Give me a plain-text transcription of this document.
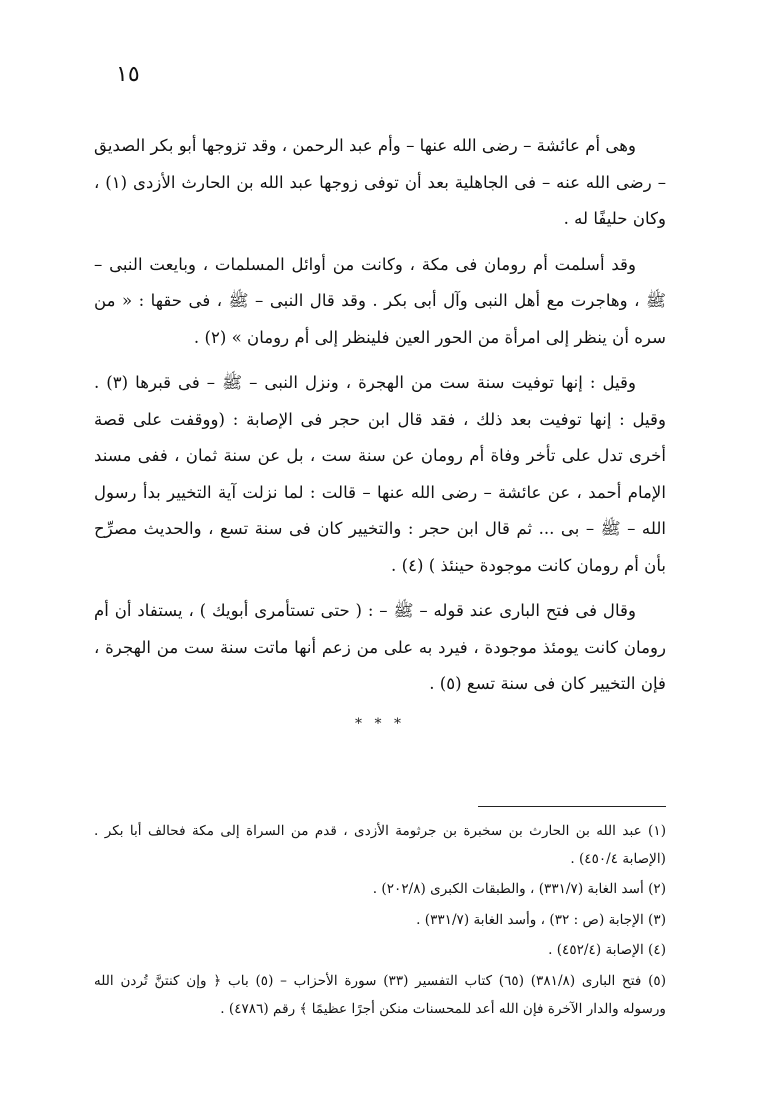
١٥

وهى أم عائشة – رضى الله عنها – وأم عبد الرحمن ، وقد تزوجها أبو بكر الصديق – رضى الله عنه – فى الجاهلية بعد أن توفى زوجها عبد الله بن الحارث الأزدى (١) ، وكان حليفًا له .

وقد أسلمت أم رومان فى مكة ، وكانت من أوائل المسلمات ، وبايعت النبى – ﷺ ، وهاجرت مع أهل النبى وآل أبى بكر . وقد قال النبى – ﷺ ، فى حقها : « من سره أن ينظر إلى امرأة من الحور العين فلينظر إلى أم رومان » (٢) .

وقيل : إنها توفيت سنة ست من الهجرة ، ونزل النبى – ﷺ – فى قبرها (٣) . وقيل : إنها توفيت بعد ذلك ، فقد قال ابن حجر فى الإصابة : (ووقفت على قصة أخرى تدل على تأخر وفاة أم رومان عن سنة ست ، بل عن سنة ثمان ، ففى مسند الإمام أحمد ، عن عائشة – رضى الله عنها – قالت : لما نزلت آية التخيير بدأ رسول الله – ﷺ – بى ... ثم قال ابن حجر : والتخيير كان فى سنة تسع ، والحديث مصرِّح بأن أم رومان كانت موجودة حينئذ ) (٤) .

وقال فى فتح البارى عند قوله – ﷺ – : ( حتى تستأمرى أبويك ) ، يستفاد أن أم رومان كانت يومئذ موجودة ، فيرد به على من زعم أنها ماتت سنة ست من الهجرة ، فإن التخيير كان فى سنة تسع (٥) .

* * *
(١) عبد الله بن الحارث بن سخبرة بن جرثومة الأزدى ، قدم من السراة إلى مكة فحالف أبا بكر . (الإصابة ٤٥٠/٤) .
(٢) أسد الغابة (٣٣١/٧) ، والطبقات الكبرى (٢٠٢/٨) .
(٣) الإجابة (ص : ٣٢) ، وأسد الغابة (٣٣١/٧) .
(٤) الإصابة (٤٥٢/٤) .
(٥) فتح البارى (٣٨١/٨) (٦٥) كتاب التفسير (٣٣) سورة الأحزاب – (٥) باب ﴿ وإن كنتنَّ تُردن الله ورسوله والدار الآخرة فإن الله أعد للمحسنات منكن أجرًا عظيمًا ﴾ رقم (٤٧٨٦) .
